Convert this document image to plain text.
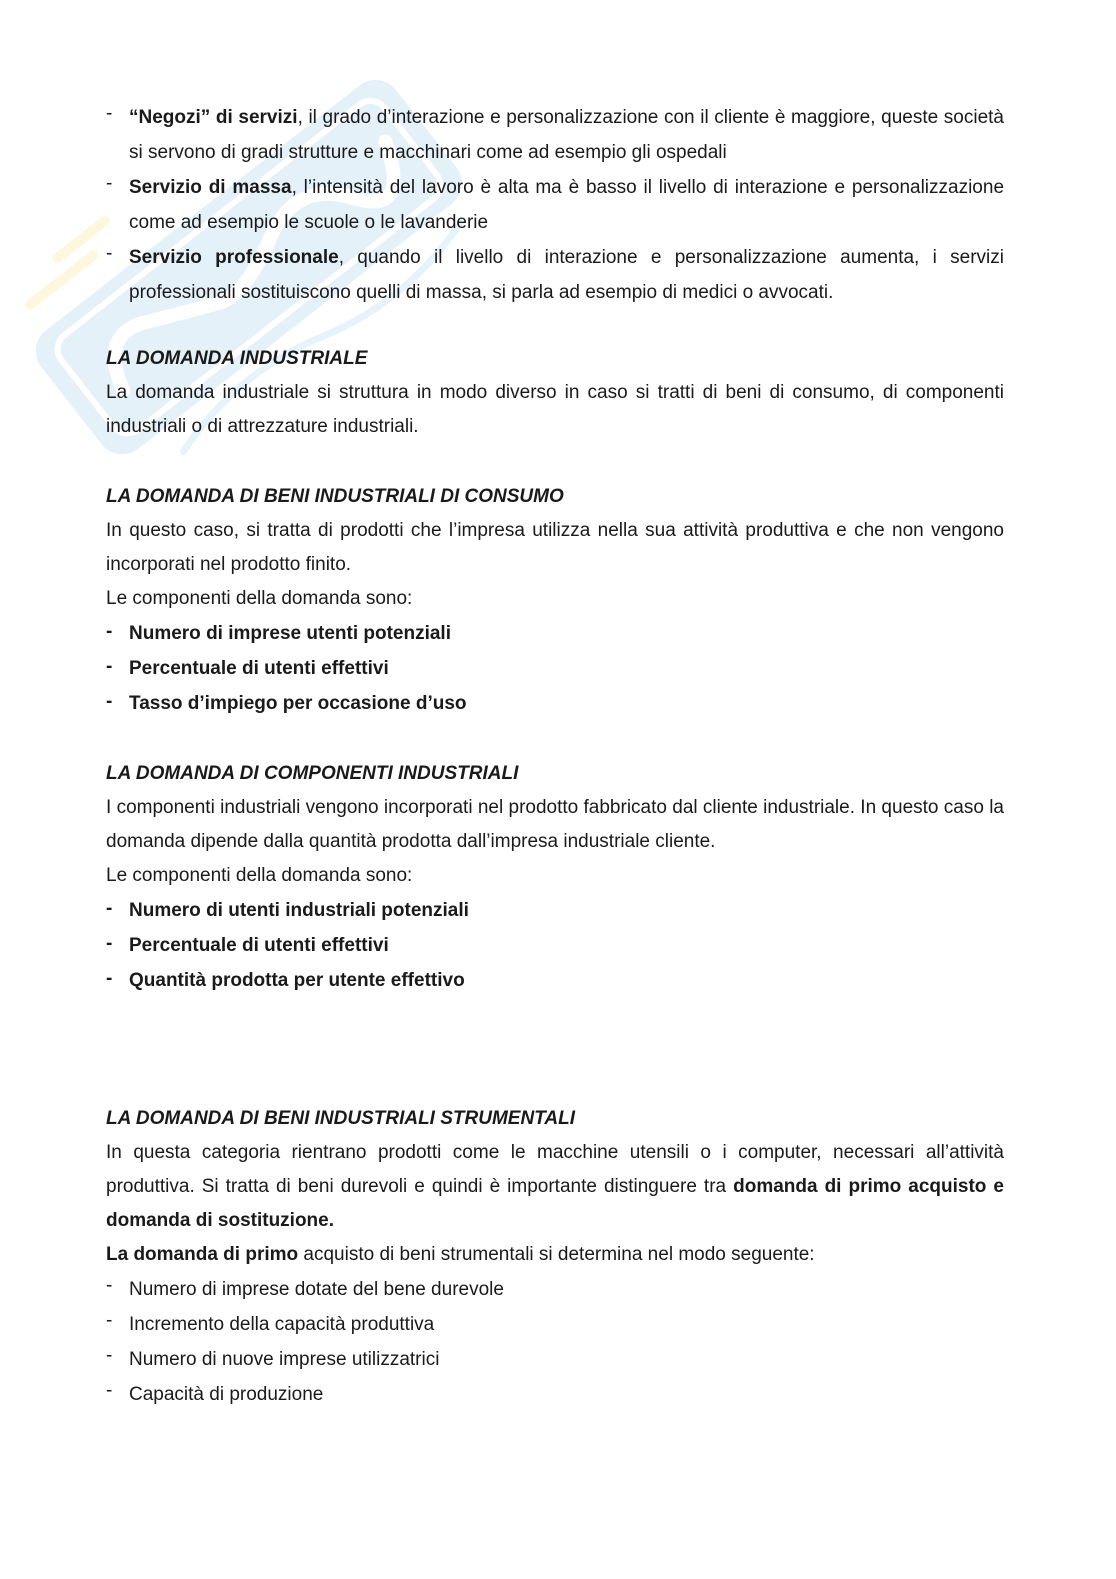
- “Negozi” di servizi, il grado d’interazione e personalizzazione con il cliente è maggiore, queste società si servono di gradi strutture e macchinari come ad esempio gli ospedali
- Servizio di massa, l’intensità del lavoro è alta ma è basso il livello di interazione e personalizzazione come ad esempio le scuole o le lavanderie
- Servizio professionale, quando il livello di interazione e personalizzazione aumenta, i servizi professionali sostituiscono quelli di massa, si parla ad esempio di medici o avvocati.

LA DOMANDA INDUSTRIALE

La domanda industriale si struttura in modo diverso in caso si tratti di beni di consumo, di componenti industriali o di attrezzature industriali.

LA DOMANDA DI BENI INDUSTRIALI DI CONSUMO

In questo caso, si tratta di prodotti che l’impresa utilizza nella sua attività produttiva e che non vengono incorporati nel prodotto finito.

Le componenti della domanda sono:

- Numero di imprese utenti potenziali
- Percentuale di utenti effettivi
- Tasso d’impiego per occasione d’uso

LA DOMANDA DI COMPONENTI INDUSTRIALI

I componenti industriali vengono incorporati nel prodotto fabbricato dal cliente industriale. In questo caso la domanda dipende dalla quantità prodotta dall’impresa industriale cliente.

Le componenti della domanda sono:

- Numero di utenti industriali potenziali
- Percentuale di utenti effettivi
- Quantità prodotta per utente effettivo

LA DOMANDA DI BENI INDUSTRIALI STRUMENTALI

In questa categoria rientrano prodotti come le macchine utensili o i computer, necessari all’attività produttiva. Si tratta di beni durevoli e quindi è importante distinguere tra domanda di primo acquisto e domanda di sostituzione.

La domanda di primo acquisto di beni strumentali si determina nel modo seguente:

- Numero di imprese dotate del bene durevole
- Incremento della capacità produttiva
- Numero di nuove imprese utilizzatrici
- Capacità di produzione
